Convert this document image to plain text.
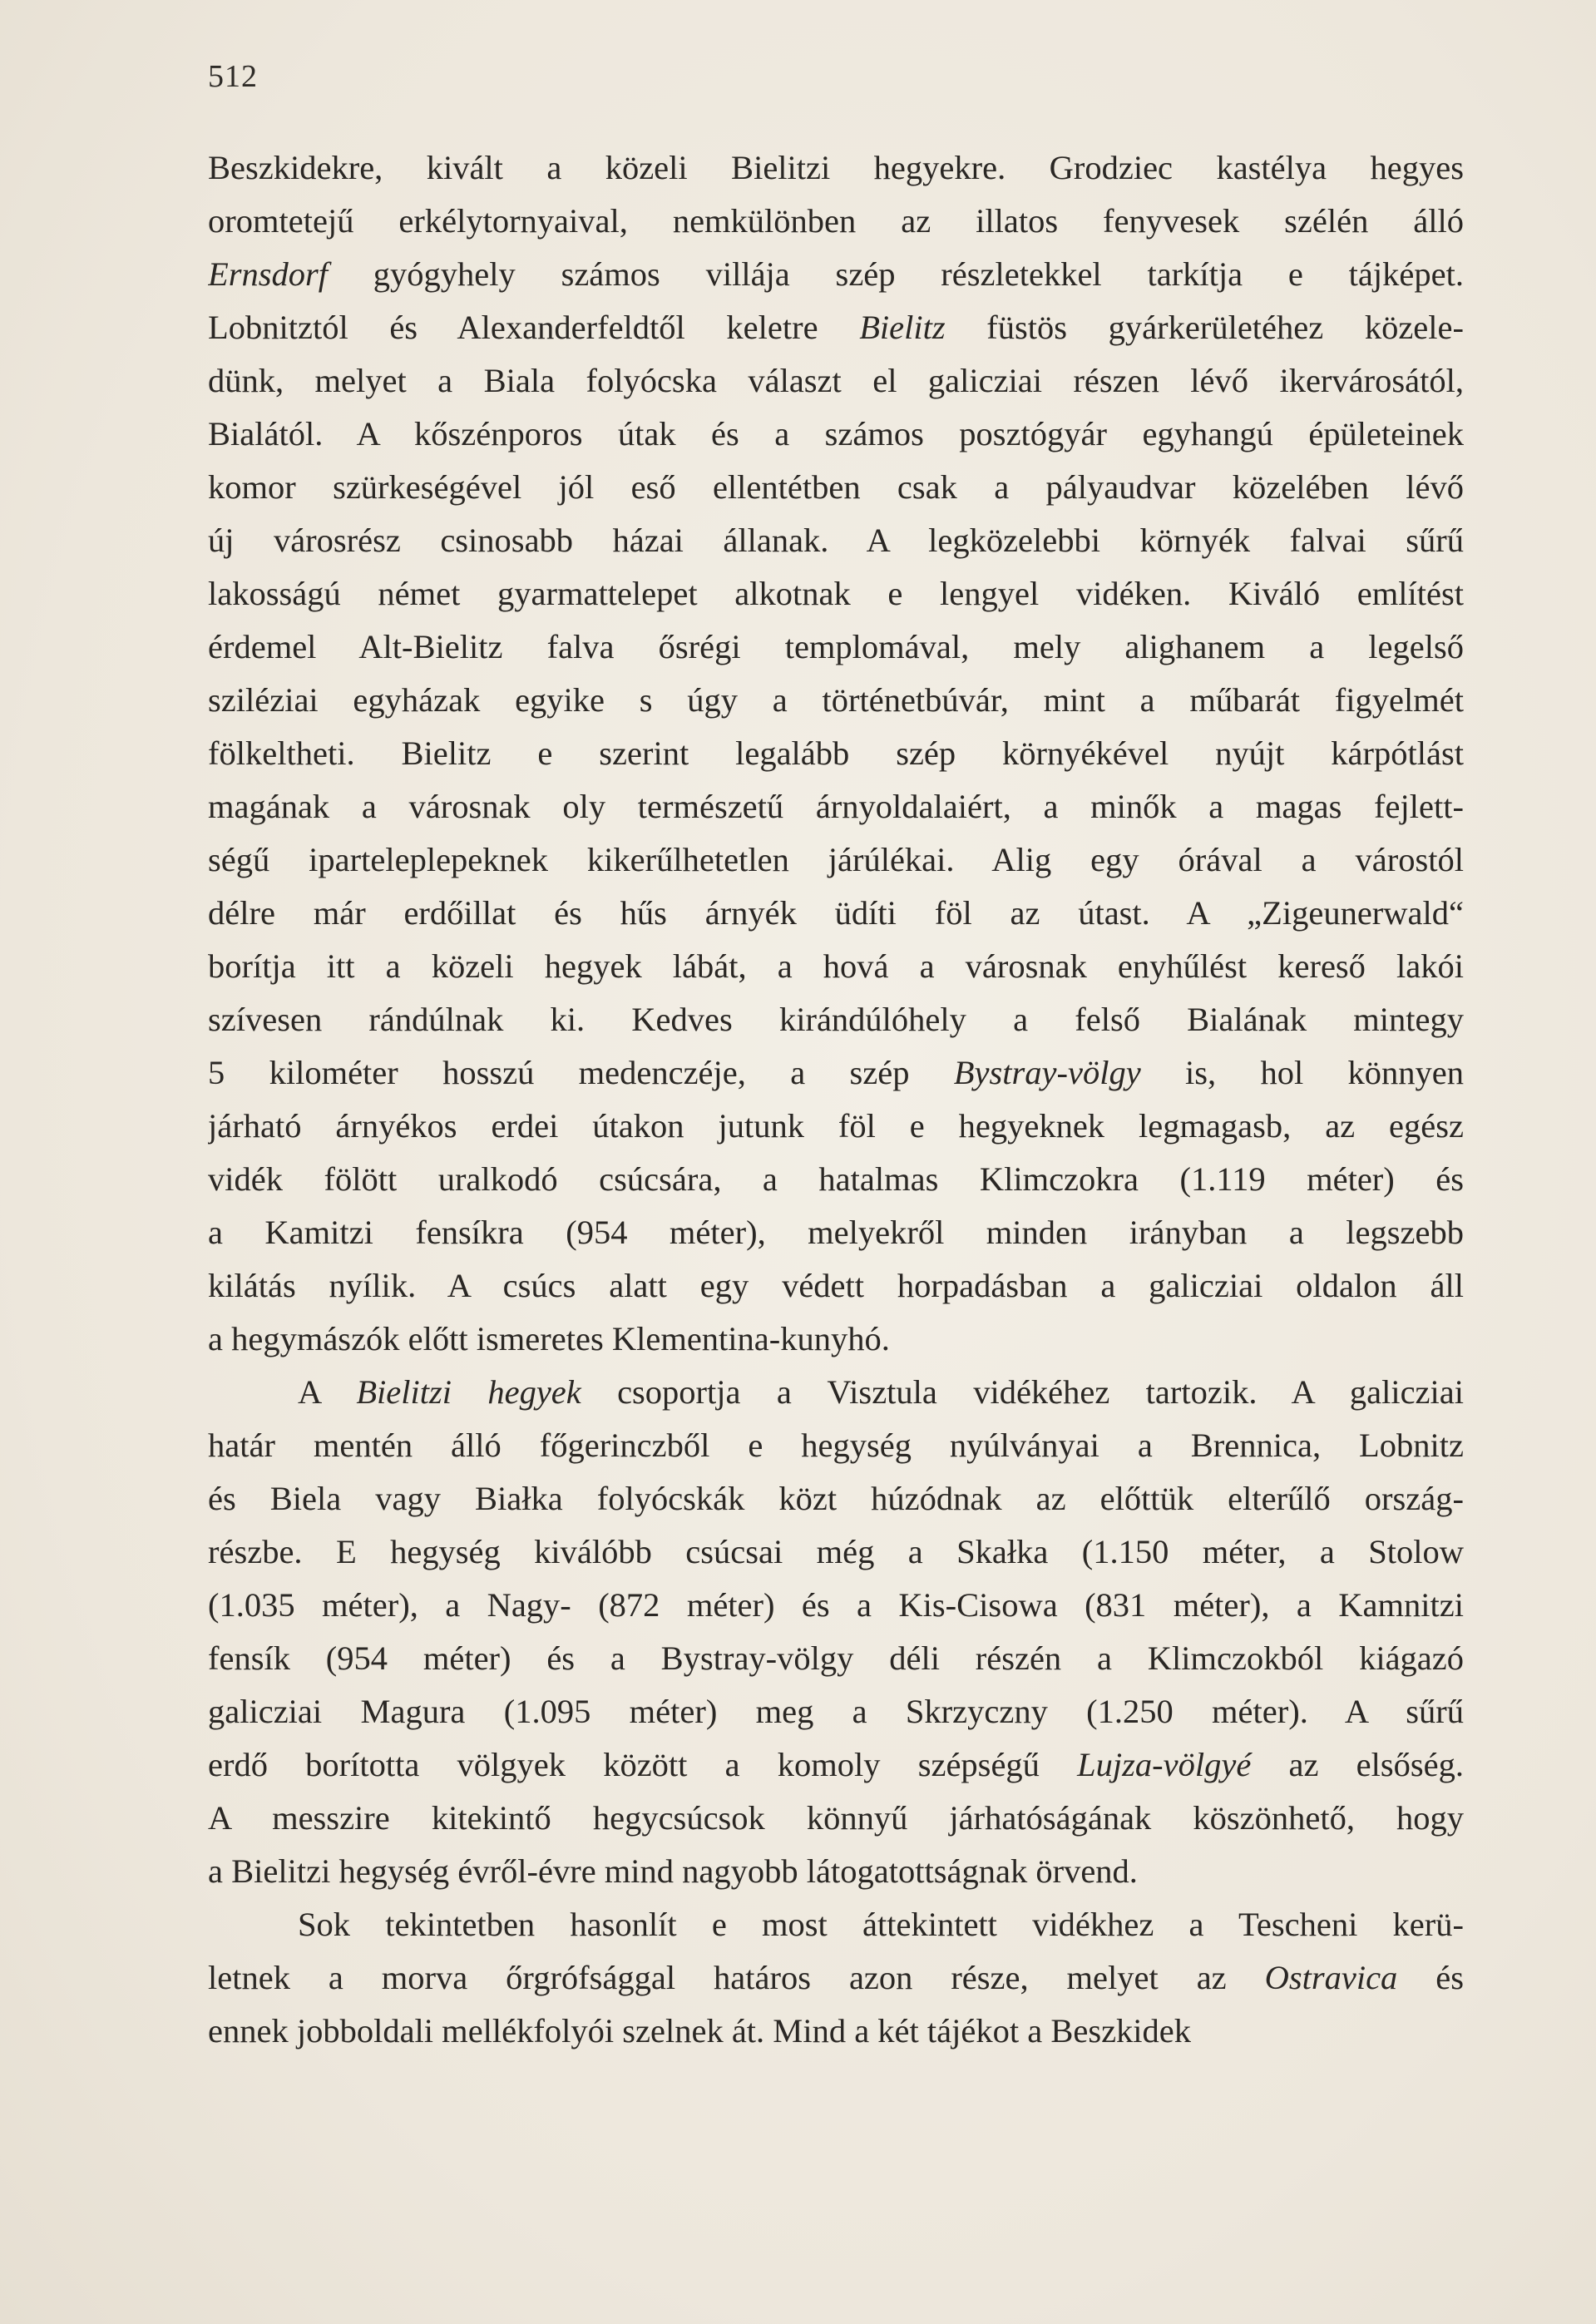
512
Beszkidekre, kivált a közeli Bielitzi hegyekre. Grodziec kastélya hegyes
oromtetejű erkélytornyaival, nemkülönben az illatos fenyvesek szélén álló
Ernsdorf gyógyhely számos villája szép részletekkel tarkítja e tájképet.
Lobnitztól és Alexanderfeldtől keletre Bielitz füstös gyárkerületéhez közele-
dünk, melyet a Biala folyócska választ el galicziai részen lévő ikervárosától,
Bialától. A kőszénporos útak és a számos posztógyár egyhangú épületeinek
komor szürkeségével jól eső ellentétben csak a pályaudvar közelében lévő
új városrész csinosabb házai állanak. A legközelebbi környék falvai sűrű
lakosságú német gyarmattelepet alkotnak e lengyel vidéken. Kiváló említést
érdemel Alt-Bielitz falva ősrégi templomával, mely alighanem a legelső
sziléziai egyházak egyike s úgy a történetbúvár, mint a műbarát figyelmét
fölkeltheti. Bielitz e szerint legalább szép környékével nyújt kárpótlást
magának a városnak oly természetű árnyoldalaiért, a minők a magas fejlett-
ségű iparteleplepeknek kikerűlhetetlen járúlékai. Alig egy órával a várostól
délre már erdőillat és hűs árnyék üdíti föl az útast. A „Zigeunerwald“
borítja itt a közeli hegyek lábát, a hová a városnak enyhűlést kereső lakói
szívesen rándúlnak ki. Kedves kirándúlóhely a felső Bialának mintegy
5 kilométer hosszú medenczéje, a szép Bystray-völgy is, hol könnyen
járható árnyékos erdei útakon jutunk föl e hegyeknek legmagasb, az egész
vidék fölött uralkodó csúcsára, a hatalmas Klimczokra (1.119 méter) és
a Kamitzi fensíkra (954 méter), melyekről minden irányban a legszebb
kilátás nyílik. A csúcs alatt egy védett horpadásban a galicziai oldalon áll
a hegymászók előtt ismeretes Klementina-kunyhó.
A Bielitzi hegyek csoportja a Visztula vidékéhez tartozik. A galicziai
határ mentén álló főgerinczből e hegység nyúlványai a Brennica, Lobnitz
és Biela vagy Białka folyócskák közt húzódnak az előttük elterűlő ország-
részbe. E hegység kiválóbb csúcsai még a Skałka (1.150 méter, a Stolow
(1.035 méter), a Nagy- (872 méter) és a Kis-Cisowa (831 méter), a Kamnitzi
fensík (954 méter) és a Bystray-völgy déli részén a Klimczokból kiágazó
galicziai Magura (1.095 méter) meg a Skrzyczny (1.250 méter). A sűrű
erdő borította völgyek között a komoly szépségű Lujza-völgyé az elsőség.
A messzire kitekintő hegycsúcsok könnyű járhatóságának köszönhető, hogy
a Bielitzi hegység évről-évre mind nagyobb látogatottságnak örvend.
Sok tekintetben hasonlít e most áttekintett vidékhez a Tescheni kerü-
letnek a morva őrgrófsággal határos azon része, melyet az Ostravica és
ennek jobboldali mellékfolyói szelnek át. Mind a két tájékot a Beszkidek
